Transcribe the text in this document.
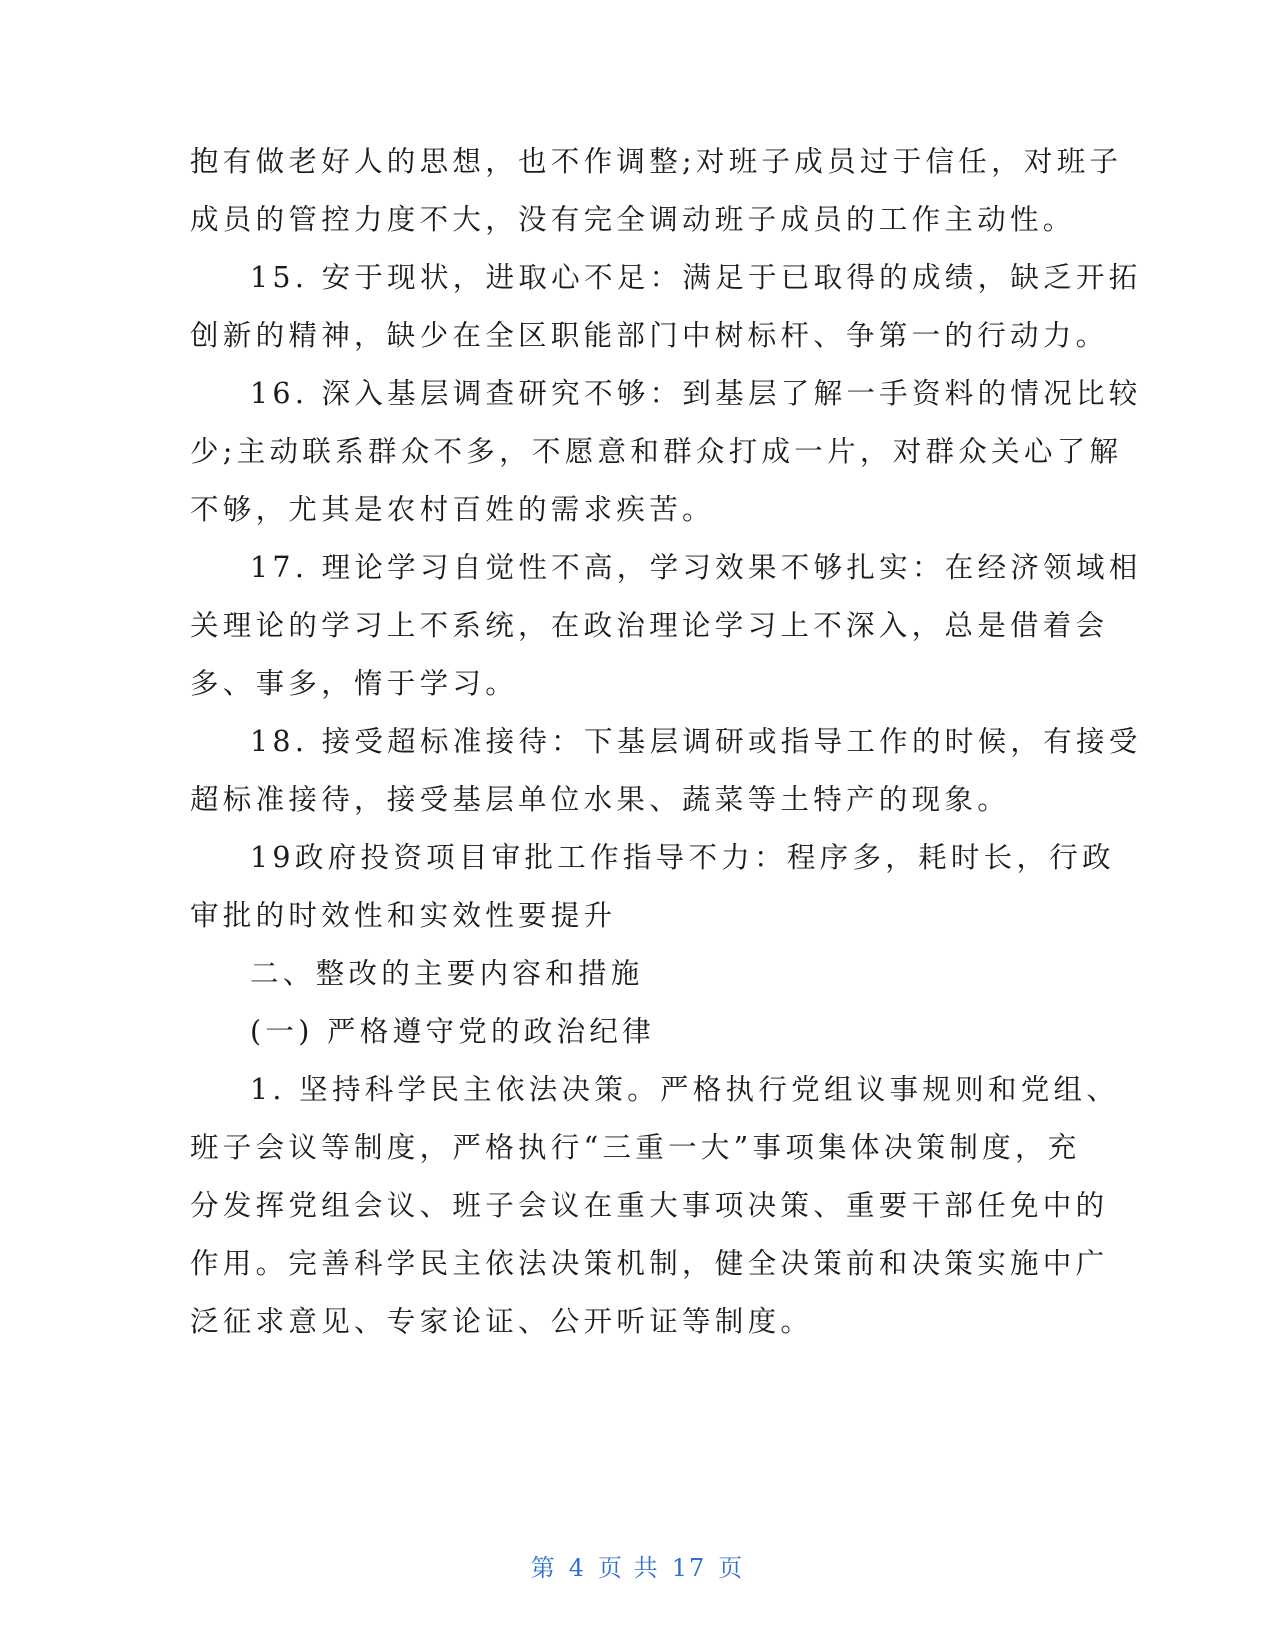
抱有做老好人的思想，也不作调整;对班子成员过于信任，对班子
成员的管控力度不大，没有完全调动班子成员的工作主动性。
15. 安于现状，进取心不足：满足于已取得的成绩，缺乏开拓
创新的精神，缺少在全区职能部门中树标杆、争第一的行动力。
16. 深入基层调查研究不够：到基层了解一手资料的情况比较
少;主动联系群众不多，不愿意和群众打成一片，对群众关心了解
不够，尤其是农村百姓的需求疾苦。
17. 理论学习自觉性不高，学习效果不够扎实：在经济领域相
关理论的学习上不系统，在政治理论学习上不深入，总是借着会
多、事多，惰于学习。
18. 接受超标准接待：下基层调研或指导工作的时候，有接受
超标准接待，接受基层单位水果、蔬菜等土特产的现象。
19政府投资项目审批工作指导不力：程序多，耗时长，行政
审批的时效性和实效性要提升
二、整改的主要内容和措施
(一) 严格遵守党的政治纪律
1. 坚持科学民主依法决策。严格执行党组议事规则和党组、
班子会议等制度，严格执行“三重一大”事项集体决策制度，充
分发挥党组会议、班子会议在重大事项决策、重要干部任免中的
作用。完善科学民主依法决策机制，健全决策前和决策实施中广
泛征求意见、专家论证、公开听证等制度。
第 4 页 共 17 页
